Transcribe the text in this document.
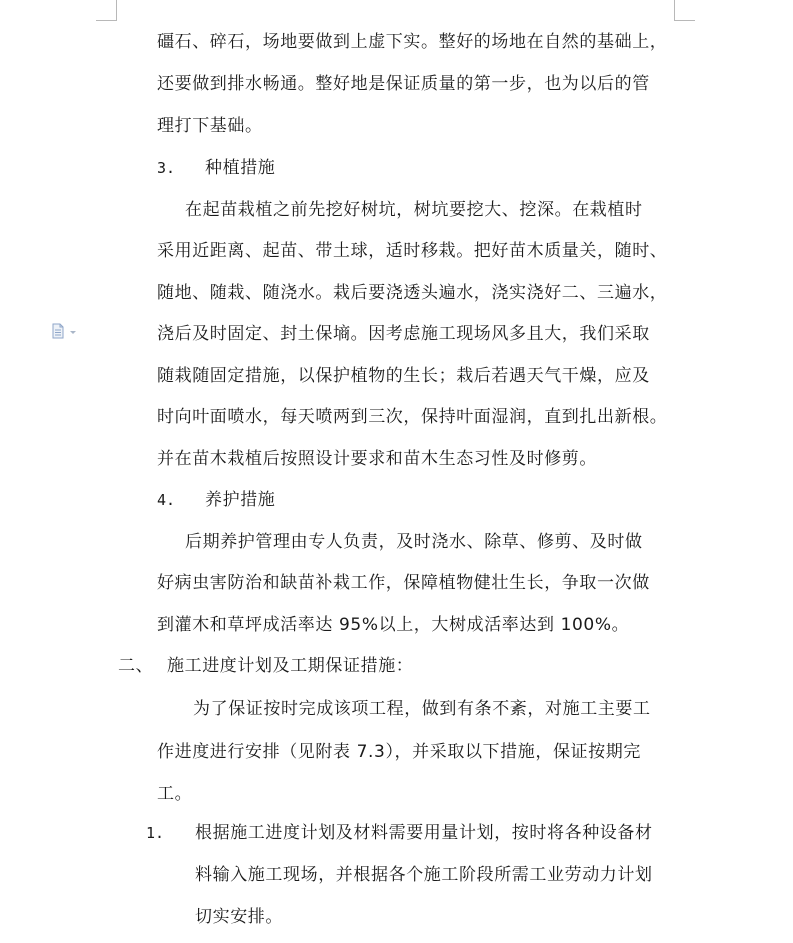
礓石、碎石，场地要做到上虚下实。整好的场地在自然的基础上，
还要做到排水畅通。整好地是保证质量的第一步，也为以后的管
理打下基础。
3. 种植措施
在起苗栽植之前先挖好树坑，树坑要挖大、挖深。在栽植时
采用近距离、起苗、带土球，适时移栽。把好苗木质量关，随时、
随地、随栽、随浇水。栽后要浇透头遍水，浇实浇好二、三遍水，
浇后及时固定、封土保墒。因考虑施工现场风多且大，我们采取
随栽随固定措施，以保护植物的生长；栽后若遇天气干燥，应及
时向叶面喷水，每天喷两到三次，保持叶面湿润，直到扎出新根。
并在苗木栽植后按照设计要求和苗木生态习性及时修剪。
4. 养护措施
后期养护管理由专人负责，及时浇水、除草、修剪、及时做
好病虫害防治和缺苗补栽工作，保障植物健壮生长，争取一次做
到灌木和草坪成活率达 95%以上，大树成活率达到 100%。
二、 施工进度计划及工期保证措施：
为了保证按时完成该项工程，做到有条不紊，对施工主要工
作进度进行安排（见附表 7.3），并采取以下措施，保证按期完
工。
1. 根据施工进度计划及材料需要用量计划，按时将各种设备材
料输入施工现场，并根据各个施工阶段所需工业劳动力计划
切实安排。
